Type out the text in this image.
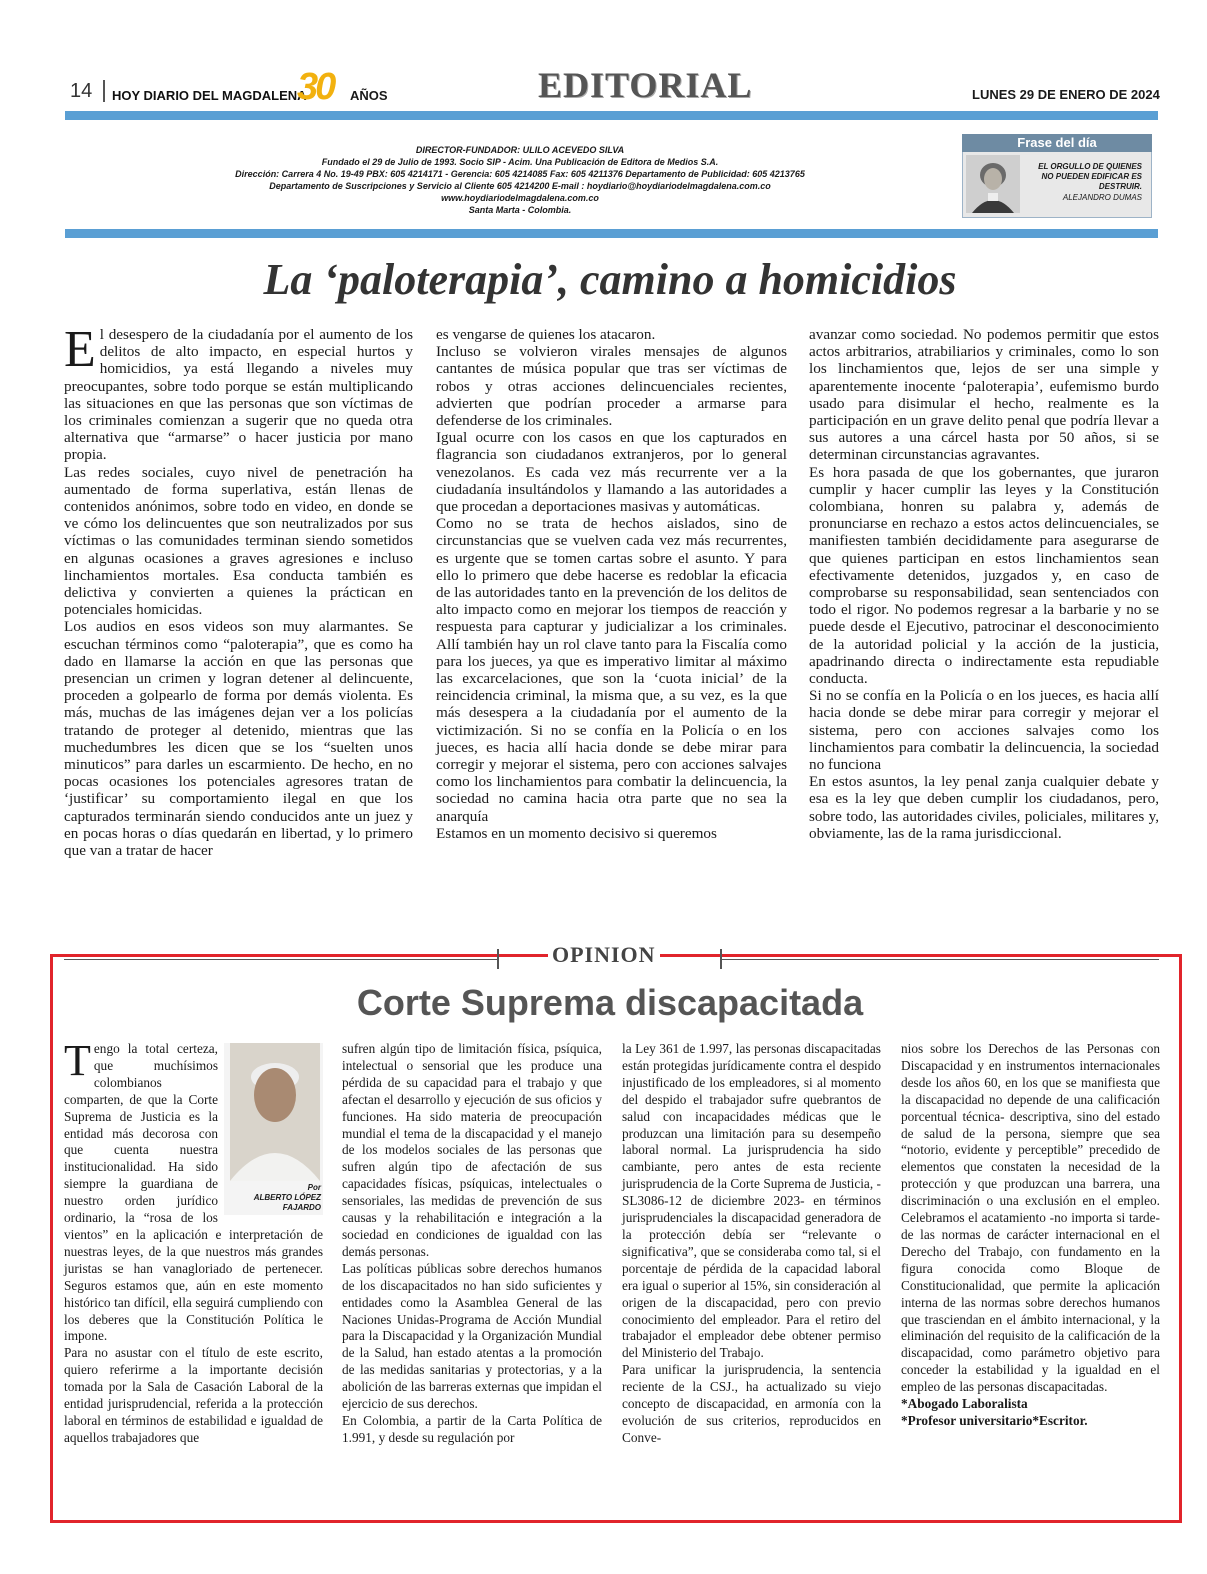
14 HOY DIARIO DEL MAGDALENA
30 AÑOS	EDITORIAL	LUNES 29 DE ENERO DE 2024
DIRECTOR-FUNDADOR: ULILO ACEVEDO SILVA
Fundado el 29 de Julio de 1993. Socio SIP - Acim. Una Publicación de Editora de Medios S.A.
Dirección: Carrera 4 No. 19-49 PBX: 605 4214171 - Gerencia: 605 4214085 Fax: 605 4211376 Departamento de Publicidad: 605 4213765
Departamento de Suscripciones y Servicio al Cliente 605 4214200 E-mail : hoydiario@hoydiariodelmagdalena.com.co
www.hoydiariodelmagdalena.com.co
Santa Marta - Colombia.
Frase del día
EL ORGULLO DE QUIENES NO PUEDEN EDIFICAR ES DESTRUIR.
ALEJANDRO DUMAS
La ‘paloterapia’, camino a homicidios

El desespero de la ciudadanía por el aumento de los delitos de alto impacto, en especial hurtos y homicidios, ya está llegando a niveles muy preocupantes, sobre todo porque se están multiplicando las situaciones en que las personas que son víctimas de los criminales comienzan a sugerir que no queda otra alternativa que “armarse” o hacer justicia por mano propia.

Las redes sociales, cuyo nivel de penetración ha aumentado de forma superlativa, están llenas de contenidos anónimos, sobre todo en video, en donde se ve cómo los delincuentes que son neutralizados por sus víctimas o las comunidades terminan siendo sometidos en algunas ocasiones a graves agresiones e incluso linchamientos mortales. Esa conducta también es delictiva y convierten a quienes la práctican en potenciales homicidas.

Los audios en esos videos son muy alarmantes. Se escuchan términos como “paloterapia”, que es como ha dado en llamarse la acción en que las personas que presencian un crimen y logran detener al delincuente, proceden a golpearlo de forma por demás violenta. Es más, muchas de las imágenes dejan ver a los policías tratando de proteger al detenido, mientras que las muchedumbres les dicen que se los “suelten unos minuticos” para darles un escarmiento. De hecho, en no pocas ocasiones los potenciales agresores tratan de ‘justificar’ su comportamiento ilegal en que los capturados terminarán siendo conducidos ante un juez y en pocas horas o días quedarán en libertad, y lo primero que van a tratar de hacer

es vengarse de quienes los atacaron.

Incluso se volvieron virales mensajes de algunos cantantes de música popular que tras ser víctimas de robos y otras acciones delincuenciales recientes, advierten que podrían proceder a armarse para defenderse de los criminales.

Igual ocurre con los casos en que los capturados en flagrancia son ciudadanos extranjeros, por lo general venezolanos. Es cada vez más recurrente ver a la ciudadanía insultándolos y llamando a las autoridades a que procedan a deportaciones masivas y automáticas.

Como no se trata de hechos aislados, sino de circunstancias que se vuelven cada vez más recurrentes, es urgente que se tomen cartas sobre el asunto. Y para ello lo primero que debe hacerse es redoblar la eficacia de las autoridades tanto en la prevención de los delitos de alto impacto como en mejorar los tiempos de reacción y respuesta para capturar y judicializar a los criminales. Allí también hay un rol clave tanto para la Fiscalía como para los jueces, ya que es imperativo limitar al máximo las excarcelaciones, que son la ‘cuota inicial’ de la reincidencia criminal, la misma que, a su vez, es la que más desespera a la ciudadanía por el aumento de la victimización. Si no se confía en la Policía o en los jueces, es hacia allí hacia donde se debe mirar para corregir y mejorar el sistema, pero con acciones salvajes como los linchamientos para combatir la delincuencia, la sociedad no camina hacia otra parte que no sea la anarquía

Estamos en un momento decisivo si queremos

avanzar como sociedad. No podemos permitir que estos actos arbitrarios, atrabiliarios y criminales, como lo son los linchamientos que, lejos de ser una simple y aparentemente inocente ‘paloterapia’, eufemismo burdo usado para disimular el hecho, realmente es la participación en un grave delito penal que podría llevar a sus autores a una cárcel hasta por 50 años, si se determinan circunstancias agravantes.

Es hora pasada de que los gobernantes, que juraron cumplir y hacer cumplir las leyes y la Constitución colombiana, honren su palabra y, además de pronunciarse en rechazo a estos actos delincuenciales, se manifiesten también decididamente para asegurarse de que quienes participan en estos linchamientos sean efectivamente detenidos, juzgados y, en caso de comprobarse su responsabilidad, sean sentenciados con todo el rigor. No podemos regresar a la barbarie y no se puede desde el Ejecutivo, patrocinar el desconocimiento de la autoridad policial y la acción de la justicia, apadrinando directa o indirectamente esta repudiable conducta.

Si no se confía en la Policía o en los jueces, es hacia allí hacia donde se debe mirar para corregir y mejorar el sistema, pero con acciones salvajes como los linchamientos para combatir la delincuencia, la sociedad no funciona

En estos asuntos, la ley penal zanja cualquier debate y esa es la ley que deben cumplir los ciudadanos, pero, sobre todo, las autoridades civiles, policiales, militares y, obviamente, las de la rama jurisdiccional.

OPINION
Corte Suprema discapacitada
Por
ALBERTO LÓPEZ FAJARDO

Tengo la total certeza, que muchísimos colombianos comparten, de que la Corte Suprema de Justicia es la entidad más decorosa con que cuenta nuestra institucionalidad. Ha sido siempre la guardiana de nuestro orden jurídico ordinario, la “rosa de los vientos” en la aplicación e interpretación de nuestras leyes, de la que nuestros más grandes juristas se han vanagloriado de pertenecer. Seguros estamos que, aún en este momento histórico tan difícil, ella seguirá cumpliendo con los deberes que la Constitución Política le impone.

Para no asustar con el título de este escrito, quiero referirme a la importante decisión tomada por la Sala de Casación Laboral de la entidad jurisprudencial, referida a la protección laboral en términos de estabilidad e igualdad de aquellos trabajadores que

sufren algún tipo de limitación física, psíquica, intelectual o sensorial que les produce una pérdida de su capacidad para el trabajo y que afectan el desarrollo y ejecución de sus oficios y funciones. Ha sido materia de preocupación mundial el tema de la discapacidad y el manejo de los modelos sociales de las personas que sufren algún tipo de afectación de sus capacidades físicas, psíquicas, intelectuales o sensoriales, las medidas de prevención de sus causas y la rehabilitación e integración a la sociedad en condiciones de igualdad con las demás personas.

Las políticas públicas sobre derechos humanos de los discapacitados no han sido suficientes y entidades como la Asamblea General de las Naciones Unidas-Programa de Acción Mundial para la Discapacidad y la Organización Mundial de la Salud, han estado atentas a la promoción de las medidas sanitarias y protectorias, y a la abolición de las barreras externas que impidan el ejercicio de sus derechos.

En Colombia, a partir de la Carta Política de 1.991, y desde su regulación por

la Ley 361 de 1.997, las personas discapacitadas están protegidas jurídicamente contra el despido injustificado de los empleadores, si al momento del despido el trabajador sufre quebrantos de salud con incapacidades médicas que le produzcan una limitación para su desempeño laboral normal. La jurisprudencia ha sido cambiante, pero antes de esta reciente jurisprudencia de la Corte Suprema de Justicia, -SL3086-12 de diciembre 2023- en términos jurisprudenciales la discapacidad generadora de la protección debía ser “relevante o significativa”, que se consideraba como tal, si el porcentaje de pérdida de la capacidad laboral era igual o superior al 15%, sin consideración al origen de la discapacidad, pero con previo conocimiento del empleador. Para el retiro del trabajador el empleador debe obtener permiso del Ministerio del Trabajo.

Para unificar la jurisprudencia, la sentencia reciente de la CSJ., ha actualizado su viejo concepto de discapacidad, en armonía con la evolución de sus criterios, reproducidos en Conve-

nios sobre los Derechos de las Personas con Discapacidad y en instrumentos internacionales desde los años 60, en los que se manifiesta que la discapacidad no depende de una calificación porcentual técnica- descriptiva, sino del estado de salud de la persona, siempre que sea “notorio, evidente y perceptible” precedido de elementos que constaten la necesidad de la protección y que produzcan una barrera, una discriminación o una exclusión en el empleo. Celebramos el acatamiento -no importa si tarde- de las normas de carácter internacional en el Derecho del Trabajo, con fundamento en la figura conocida como Bloque de Constitucionalidad, que permite la aplicación interna de las normas sobre derechos humanos que trasciendan en el ámbito internacional, y la eliminación del requisito de la calificación de la discapacidad, como parámetro objetivo para conceder la estabilidad y la igualdad en el empleo de las personas discapacitadas.

*Abogado Laboralista

*Profesor universitario*Escritor.
